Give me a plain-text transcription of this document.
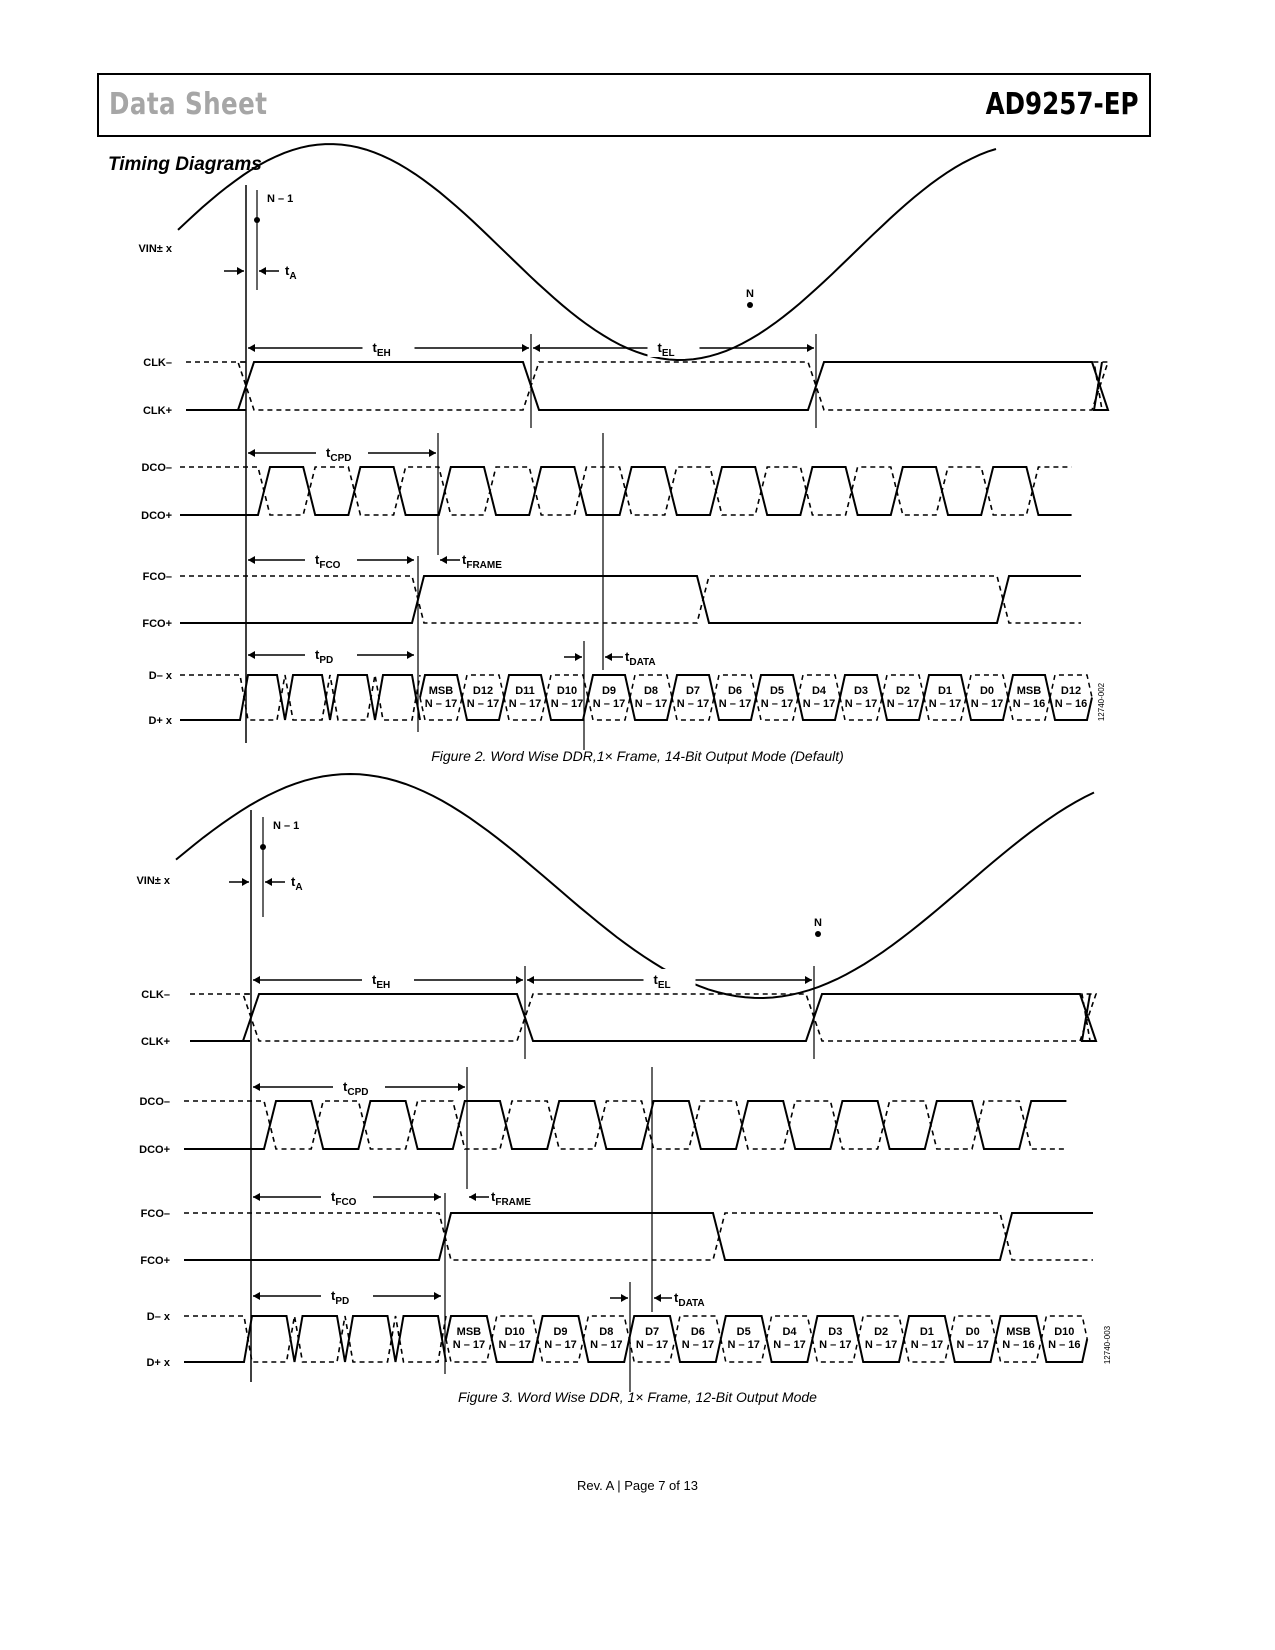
Data Sheet	AD9257-EP
Timing Diagrams
VIN± x
CLK–
CLK+
DCO–
DCO+
FCO–
FCO+
D– x
D+ x
N – 1
N
$t_A$
$t_{EH}$	$t_{EL}$
$t_{CPD}$
$t_{FCO}$	$t_{FRAME}$
MSB
N – 17
D12
N – 17
D11
N – 17
D10
N – 17
D9
N – 17
D8
N – 17
D7
N – 17
D6
N – 17
D5
N – 17
D4
N – 17
D3
N – 17
D2
N – 17
D1
N – 17
D0
N – 17
MSB
N – 16
D12
N – 16
$t_{PD}$	$t_{DATA}$
12740-002
Figure 2. Word Wise DDR,1× Frame, 14-Bit Output Mode (Default)
VIN± x
CLK–
CLK+
DCO–
DCO+
FCO–
FCO+
D– x
D+ x
N – 1
N
$t_A$
$t_{EH}$	$t_{EL}$
$t_{CPD}$
$t_{FCO}$	$t_{FRAME}$
MSB
N – 17
D10
N – 17
D9
N – 17
D8
N – 17
D7
N – 17
D6
N – 17
D5
N – 17
D4
N – 17
D3
N – 17
D2
N – 17
D1
N – 17
D0
N – 17
MSB
N – 16
D10
N – 16
$t_{PD}$	$t_{DATA}$
12740-003
Figure 3. Word Wise DDR, 1× Frame, 12-Bit Output Mode
Rev. A | Page 7 of 13
